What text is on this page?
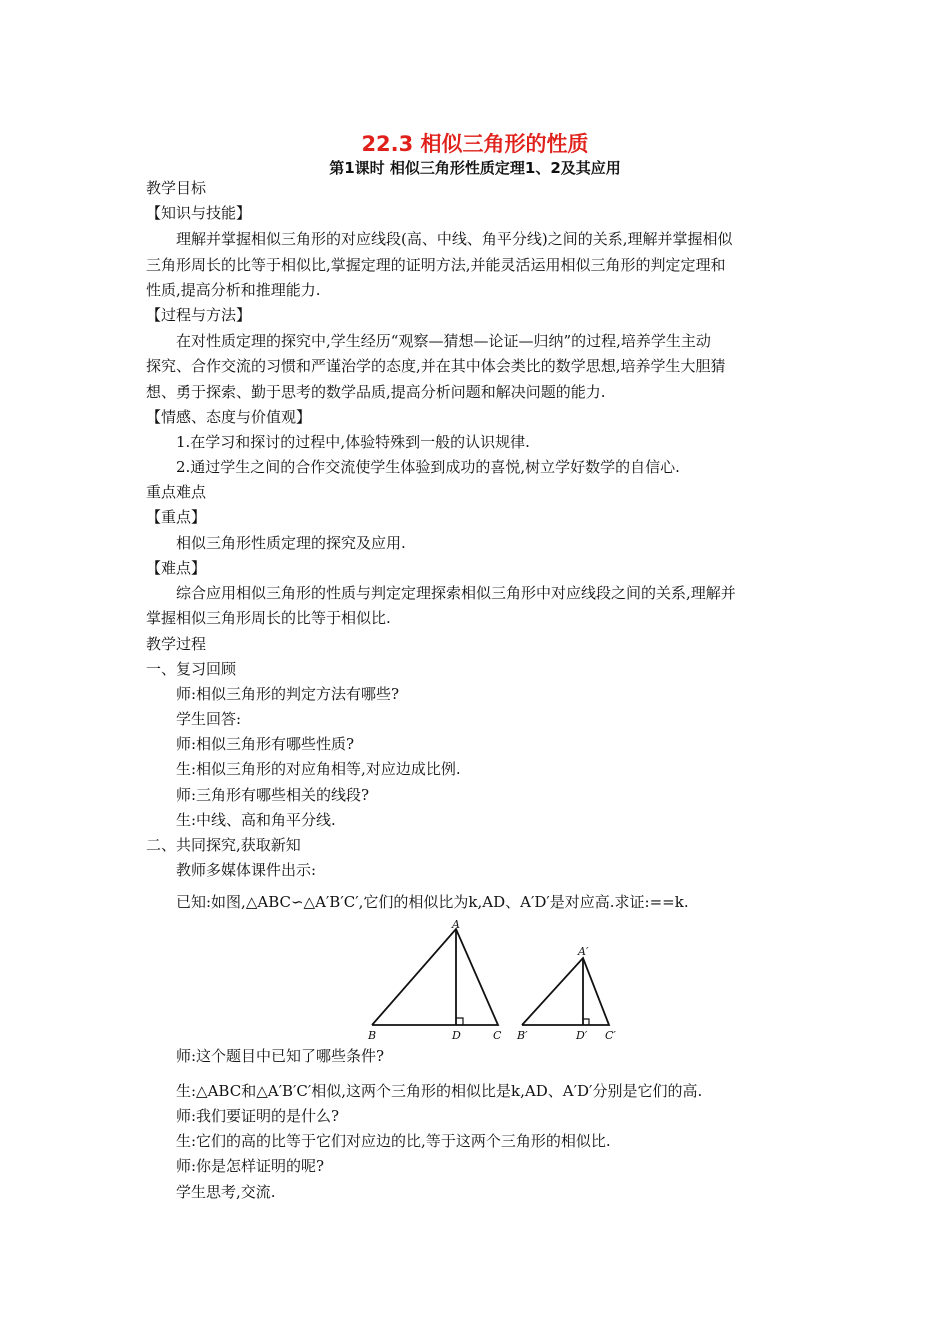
22.3 相似三角形的性质
第1课时 相似三角形性质定理1、2及其应用
教学目标
【知识与技能】
理解并掌握相似三角形的对应线段(高、中线、角平分线)之间的关系,理解并掌握相似
三角形周长的比等于相似比,掌握定理的证明方法,并能灵活运用相似三角形的判定定理和
性质,提高分析和推理能力.
【过程与方法】
在对性质定理的探究中,学生经历“观察—猜想—论证—归纳”的过程,培养学生主动
探究、合作交流的习惯和严谨治学的态度,并在其中体会类比的数学思想,培养学生大胆猜
想、勇于探索、勤于思考的数学品质,提高分析问题和解决问题的能力.
【情感、态度与价值观】
1.在学习和探讨的过程中,体验特殊到一般的认识规律.
2.通过学生之间的合作交流使学生体验到成功的喜悦,树立学好数学的自信心.
重点难点
【重点】
相似三角形性质定理的探究及应用.
【难点】
综合应用相似三角形的性质与判定定理探索相似三角形中对应线段之间的关系,理解并
掌握相似三角形周长的比等于相似比.
教学过程
一、复习回顾
师:相似三角形的判定方法有哪些?
学生回答:
师:相似三角形有哪些性质?
生:相似三角形的对应角相等,对应边成比例.
师:三角形有哪些相关的线段?
生:中线、高和角平分线.
二、共同探究,获取新知
教师多媒体课件出示:
已知:如图,△ABC∽△A′B′C′,它们的相似比为k,AD、A′D′是对应高.求证:==k.
A
B	D	C
A′
B′	D′ C′
师:这个题目中已知了哪些条件?
生:△ABC和△A′B′C′相似,这两个三角形的相似比是k,AD、A′D′分别是它们的高.
师:我们要证明的是什么?
生:它们的高的比等于它们对应边的比,等于这两个三角形的相似比.
师:你是怎样证明的呢?
学生思考,交流.
